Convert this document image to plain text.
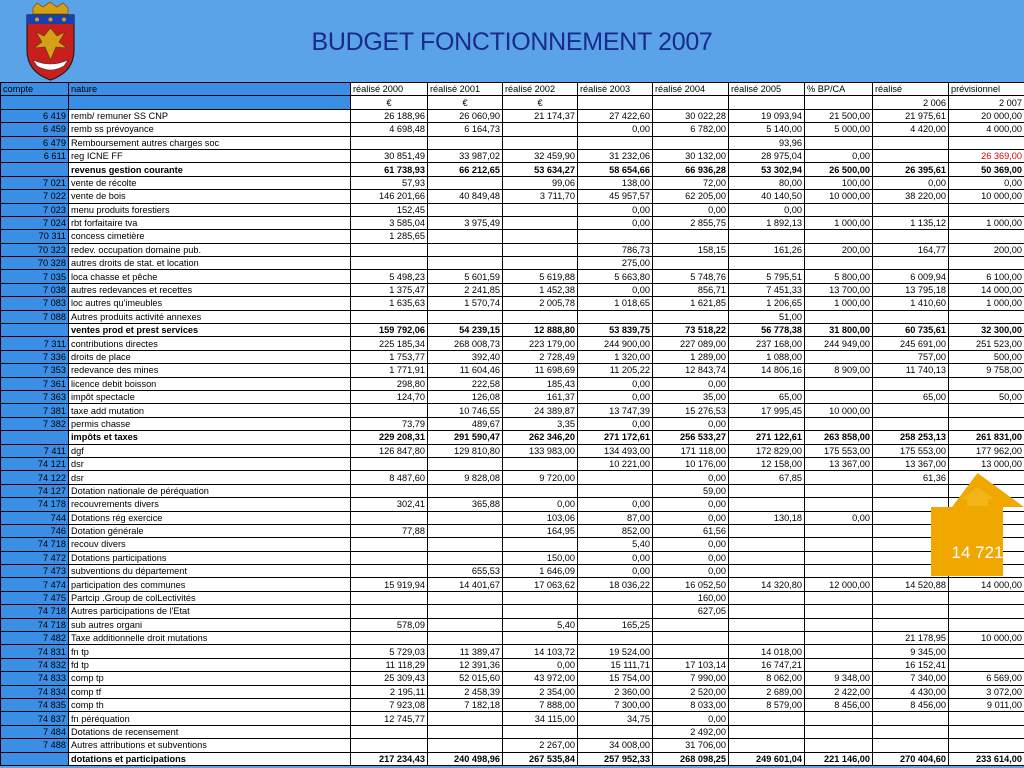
BUDGET FONCTIONNEMENT 2007
compte	nature	réalisé 2000	réalisé 2001	réalisé 2002	réalisé 2003	réalisé 2004	réalisé 2005	% BP/CA	réalisé	prévisionnel
		€	€	€					2 006	2 007
6 419	remb/ remuner SS CNP	26 188,96	26 060,90	21 174,37	27 422,60	30 022,28	19 093,94	21 500,00	21 975,61	20 000,00
6 459	remb ss prévoyance	4 698,48	6 164,73		0,00	6 782,00	5 140,00	5 000,00	4 420,00	4 000,00
6 479	Remboursement autres charges soc						93,96			
6 611	reg ICNE FF	30 851,49	33 987,02	32 459,90	31 232,06	30 132,00	28 975,04	0,00		26 369,00
	revenus gestion courante	61 738,93	66 212,65	53 634,27	58 654,66	66 936,28	53 302,94	26 500,00	26 395,61	50 369,00
7 021	vente de récolte	57,93		99,06	138,00	72,00	80,00	100,00	0,00	0,00
7 022	vente de bois	146 201,66	40 849,48	3 711,70	45 957,57	62 205,00	40 140,50	10 000,00	38 220,00	10 000,00
7 023	menu produits forestiers	152,45			0,00	0,00	0,00			
7 024	rbt forfaitaire tva	3 585,04	3 975,49		0,00	2 855,75	1 892,13	1 000,00	1 135,12	1 000,00
70 311	concess cimetière	1 285,65								
70 323	redev. occupation domaine pub.				786,73	158,15	161,26	200,00	164,77	200,00
70 328	autres droits de stat. et location				275,00					
7 035	loca chasse et pêche	5 498,23	5 601,59	5 619,88	5 663,80	5 748,76	5 795,51	5 800,00	6 009,94	6 100,00
7 038	autres redevances et recettes	1 375,47	2 241,85	1 452,38	0,00	856,71	7 451,33	13 700,00	13 795,18	14 000,00
7 083	loc autres qu'imeubles	1 635,63	1 570,74	2 005,78	1 018,65	1 621,85	1 206,65	1 000,00	1 410,60	1 000,00
7 088	Autres produits activité annexes						51,00			
	ventes prod et prest services	159 792,06	54 239,15	12 888,80	53 839,75	73 518,22	56 778,38	31 800,00	60 735,61	32 300,00
7 311	contributions directes	225 185,34	268 008,73	223 179,00	244 900,00	227 089,00	237 168,00	244 949,00	245 691,00	251 523,00
7 336	droits de place	1 753,77	392,40	2 728,49	1 320,00	1 289,00	1 088,00		757,00	500,00
7 353	redevance des mines	1 771,91	11 604,46	11 698,69	11 205,22	12 843,74	14 806,16	8 909,00	11 740,13	9 758,00
7 361	licence debit boisson	298,80	222,58	185,43	0,00	0,00				
7 363	impôt spectacle	124,70	126,08	161,37	0,00	35,00	65,00		65,00	50,00
7 381	taxe add mutation		10 746,55	24 389,87	13 747,39	15 276,53	17 995,45	10 000,00		
7 382	permis chasse	73,79	489,67	3,35	0,00	0,00				
	impôts et taxes	229 208,31	291 590,47	262 346,20	271 172,61	256 533,27	271 122,61	263 858,00	258 253,13	261 831,00
7 411	dgf	126 847,80	129 810,80	133 983,00	134 493,00	171 118,00	172 829,00	175 553,00	175 553,00	177 962,00
74 121	dsr				10 221,00	10 176,00	12 158,00	13 367,00	13 367,00	13 000,00
74 122	dsr	8 487,60	9 828,08	9 720,00		0,00	67,85		61,36	
74 127	Dotation nationale de péréquation					59,00				
74 178	recouvrements divers	302,41	365,88	0,00	0,00	0,00				
744	Dotations rég exercice			103,06	87,00	0,00	130,18	0,00		
746	Dotation générale	77,88		164,95	852,00	61,56				
74 718	recouv divers				5,40	0,00				
7 472	Dotations participations			150,00	0,00	0,00				
7 473	subventions du département		655,53	1 646,09	0,00	0,00				
7 474	participation des communes	15 919,94	14 401,67	17 063,62	18 036,22	16 052,50	14 320,80	12 000,00	14 520,88	14 000,00
7 475	Partcip .Group de colLectivités					160,00				
74 718	Autres participations de l'Etat					627,05				
74 718	sub autres organi	578,09		5,40	165,25					
7 482	Taxe additionnelle droit mutations								21 178,95	10 000,00
74 831	fn tp	5 729,03	11 389,47	14 103,72	19 524,00		14 018,00		9 345,00	
74 832	fd tp	11 118,29	12 391,36	0,00	15 111,71	17 103,14	16 747,21		16 152,41	
74 833	comp tp	25 309,43	52 015,60	43 972,00	15 754,00	7 990,00	8 062,00	9 348,00	7 340,00	6 569,00
74 834	comp tf	2 195,11	2 458,39	2 354,00	2 360,00	2 520,00	2 689,00	2 422,00	4 430,00	3 072,00
74 835	comp th	7 923,08	7 182,18	7 888,00	7 300,00	8 033,00	8 579,00	8 456,00	8 456,00	9 011,00
74 837	fn péréquation	12 745,77		34 115,00	34,75	0,00				
7 484	Dotations de recensement					2 492,00				
7 488	Autres attributions et subventions			2 267,00	34 008,00	31 706,00				
	dotations et participations	217 234,43	240 498,96	267 535,84	257 952,33	268 098,25	249 601,04	221 146,00	270 404,60	233 614,00
14 721
